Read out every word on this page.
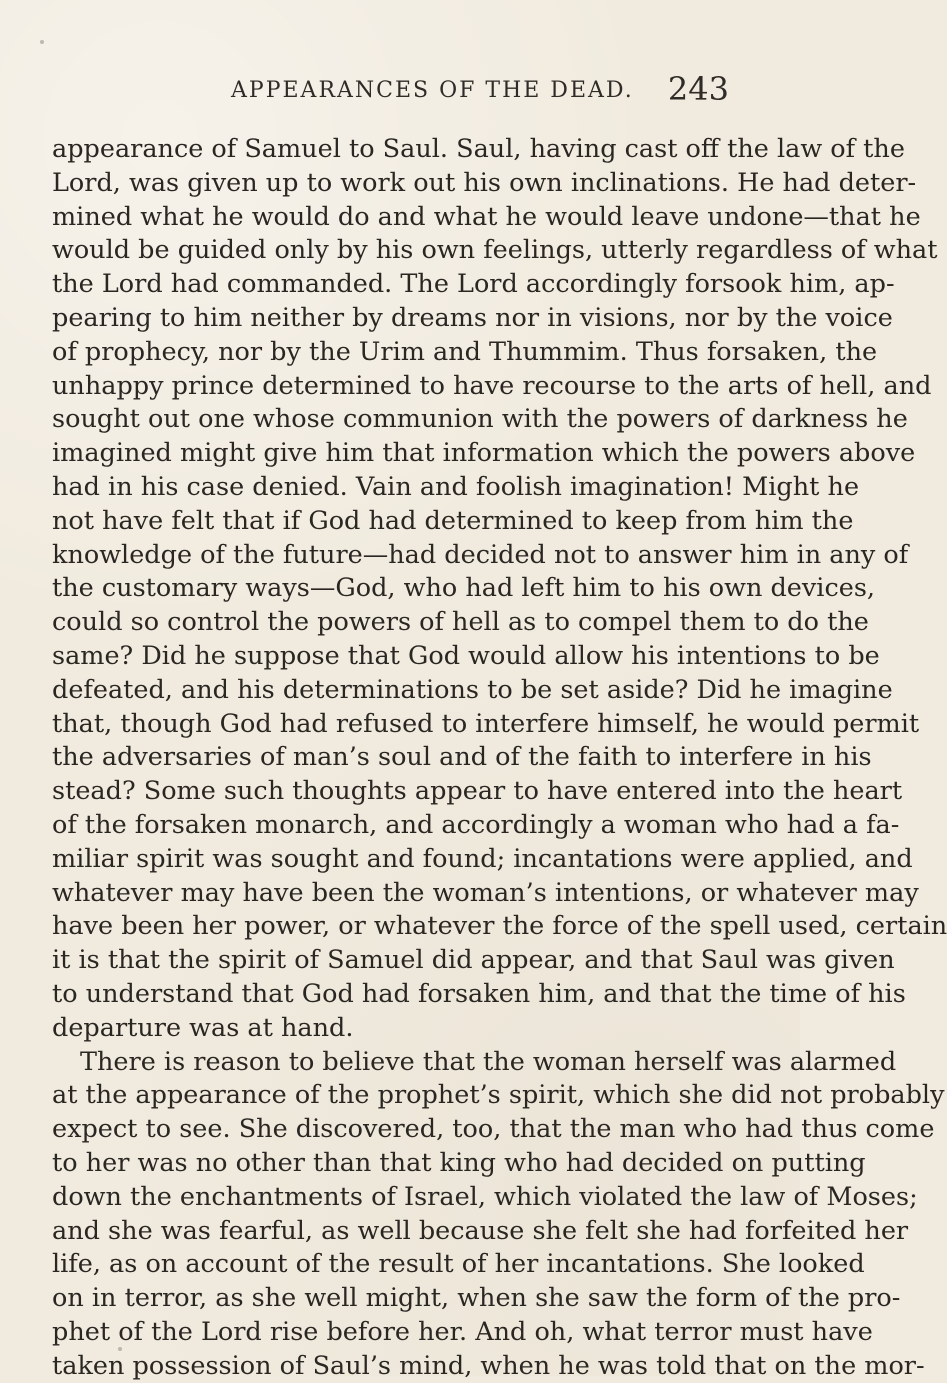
APPEARANCES OF THE DEAD. 243
appearance of Samuel to Saul. Saul, having cast off the law of the
Lord, was given up to work out his own inclinations. He had deter-
mined what he would do and what he would leave undone—that he
would be guided only by his own feelings, utterly regardless of what
the Lord had commanded. The Lord accordingly forsook him, ap-
pearing to him neither by dreams nor in visions, nor by the voice
of prophecy, nor by the Urim and Thummim. Thus forsaken, the
unhappy prince determined to have recourse to the arts of hell, and
sought out one whose communion with the powers of darkness he
imagined might give him that information which the powers above
had in his case denied. Vain and foolish imagination! Might he
not have felt that if God had determined to keep from him the
knowledge of the future—had decided not to answer him in any of
the customary ways—God, who had left him to his own devices,
could so control the powers of hell as to compel them to do the
same? Did he suppose that God would allow his intentions to be
defeated, and his determinations to be set aside? Did he imagine
that, though God had refused to interfere himself, he would permit
the adversaries of man’s soul and of the faith to interfere in his
stead? Some such thoughts appear to have entered into the heart
of the forsaken monarch, and accordingly a woman who had a fa-
miliar spirit was sought and found; incantations were applied, and
whatever may have been the woman’s intentions, or whatever may
have been her power, or whatever the force of the spell used, certain
it is that the spirit of Samuel did appear, and that Saul was given
to understand that God had forsaken him, and that the time of his
departure was at hand.
There is reason to believe that the woman herself was alarmed
at the appearance of the prophet’s spirit, which she did not probably
expect to see. She discovered, too, that the man who had thus come
to her was no other than that king who had decided on putting
down the enchantments of Israel, which violated the law of Moses;
and she was fearful, as well because she felt she had forfeited her
life, as on account of the result of her incantations. She looked
on in terror, as she well might, when she saw the form of the pro-
phet of the Lord rise before her. And oh, what terror must have
taken possession of Saul’s mind, when he was told that on the mor-
